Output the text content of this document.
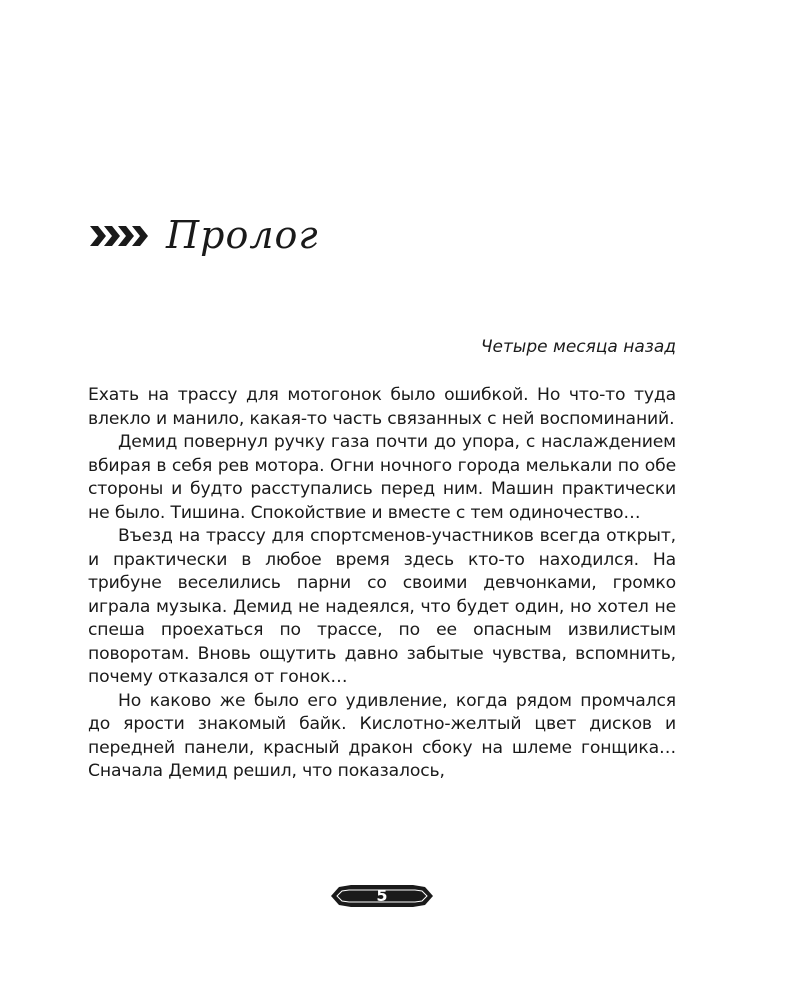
Пролог
Четыре месяца назад

Ехать на трассу для мотогонок было ошибкой. Но что-то туда влекло и манило, какая-то часть связанных с ней воспоминаний.

Демид повернул ручку газа почти до упора, с наслаждением вбирая в себя рев мотора. Огни ночного города мелькали по обе стороны и будто расступались перед ним. Машин практически не было. Тишина. Спокойствие и вместе с тем одиночество…

Въезд на трассу для спортсменов-участников всегда открыт, и практически в любое время здесь кто-то находился. На трибуне веселились парни со своими девчонками, громко играла музыка. Демид не надеялся, что будет один, но хотел не спеша проехаться по трассе, по ее опасным извилистым поворотам. Вновь ощутить давно забытые чувства, вспомнить, почему отказался от гонок…

Но каково же было его удивление, когда рядом промчался до ярости знакомый байк. Кислотно-желтый цвет дисков и передней панели, красный дракон сбоку на шлеме гонщика… Сначала Демид решил, что показалось,

5
